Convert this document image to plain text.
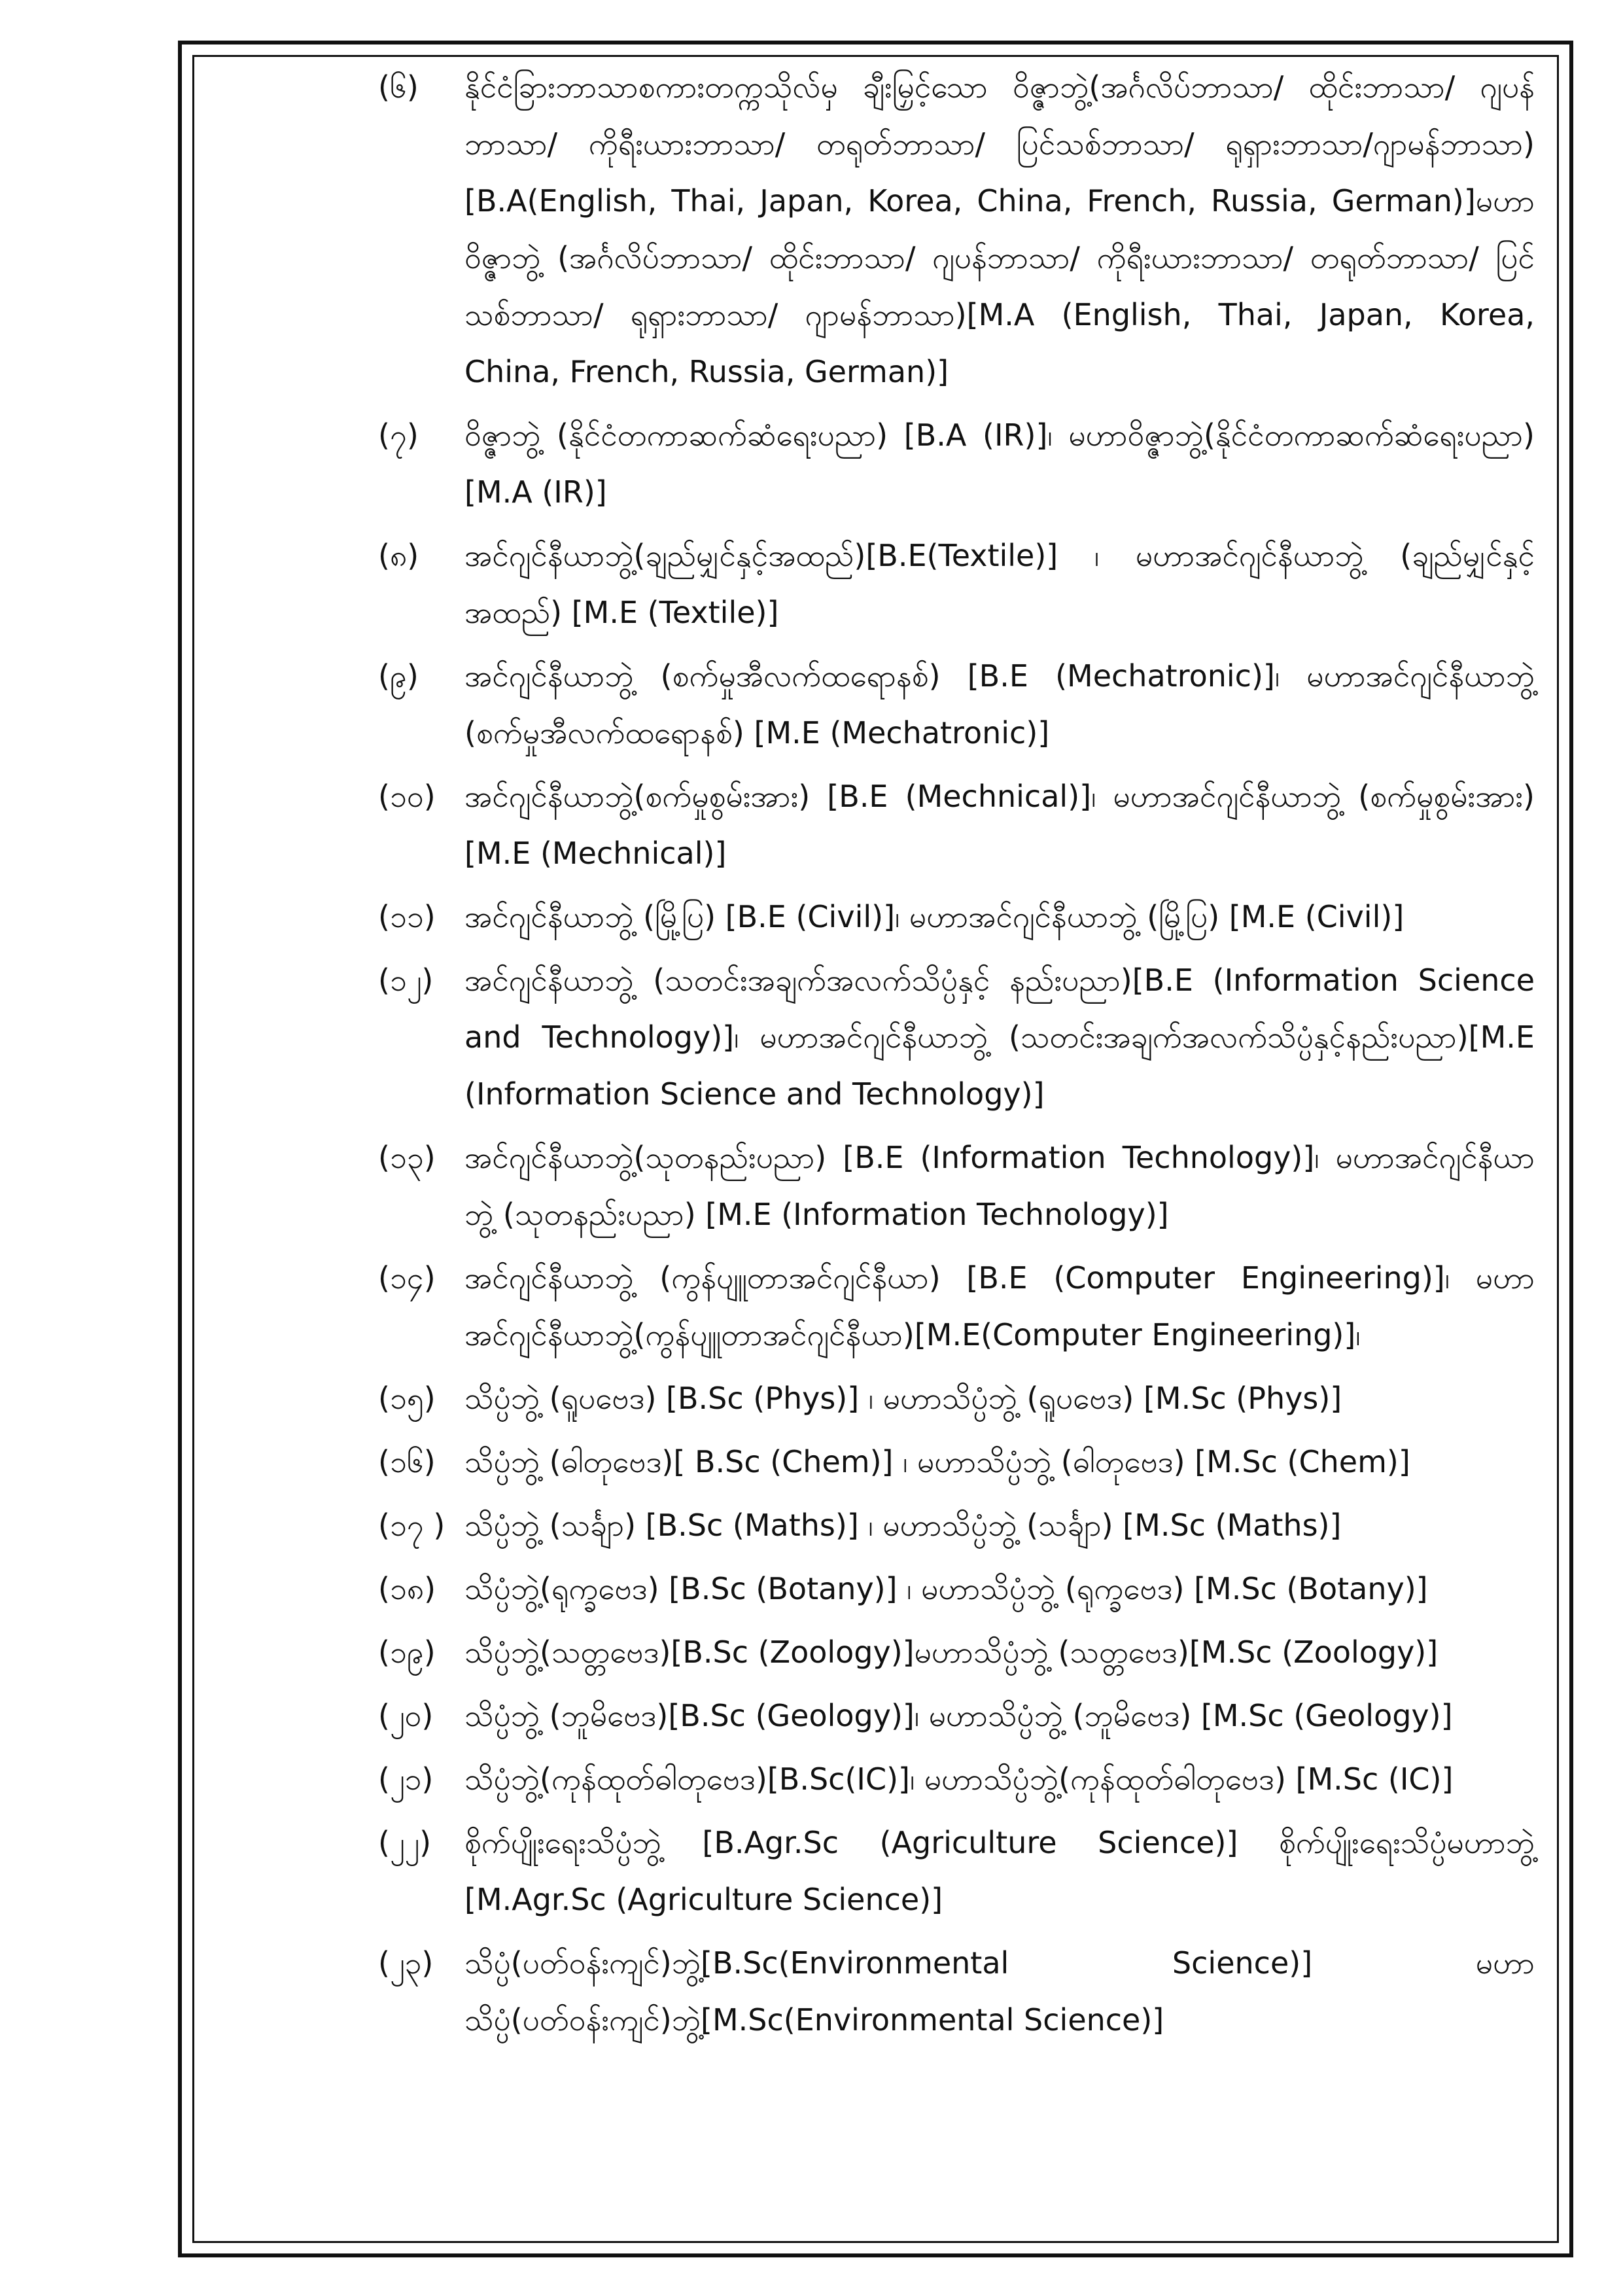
(၆)	နိုင်ငံခြားဘာသာစကားတက္ကသိုလ်မှ ချီးမြှင့်သော ဝိဇ္ဇာဘွဲ့(အင်္ဂလိပ်ဘာသာ/ ထိုင်းဘာသာ/ ဂျပန်ဘာသာ/ ကိုရီးယားဘာသာ/ တရုတ်ဘာသာ/ ပြင်သစ်ဘာသာ/ ရုရှားဘာသာ/ဂျာမန်ဘာသာ) [B.A(English, Thai, Japan, Korea, China, French, Russia, German)]မဟာဝိဇ္ဇာဘွဲ့ (အင်္ဂလိပ်ဘာသာ/ ထိုင်းဘာသာ/ ဂျပန်ဘာသာ/ ကိုရီးယားဘာသာ/ တရုတ်ဘာသာ/ ပြင်သစ်ဘာသာ/ ရုရှားဘာသာ/ ဂျာမန်ဘာသာ)[M.A (English, Thai, Japan, Korea, China, French, Russia, German)]
(၇)	ဝိဇ္ဇာဘွဲ့ (နိုင်ငံတကာဆက်ဆံရေးပညာ) [B.A (IR)]၊ မဟာဝိဇ္ဇာဘွဲ့(နိုင်ငံတကာဆက်ဆံရေးပညာ)[M.A (IR)]
(၈)	အင်ဂျင်နီယာဘွဲ့(ချည်မျှင်နှင့်အထည်)[B.E(Textile)] ၊ မဟာအင်ဂျင်နီယာဘွဲ့ (ချည်မျှင်နှင့် အထည်) [M.E (Textile)]
(၉)	အင်ဂျင်နီယာဘွဲ့ (စက်မှုအီလက်ထရောနစ်) [B.E (Mechatronic)]၊ မဟာအင်ဂျင်နီယာဘွဲ့ (စက်မှုအီလက်ထရောနစ်) [M.E (Mechatronic)]
(၁၀) အင်ဂျင်နီယာဘွဲ့(စက်မှုစွမ်းအား) [B.E (Mechnical)]၊ မဟာအင်ဂျင်နီယာဘွဲ့ (စက်မှုစွမ်းအား) [M.E (Mechnical)]
(၁၁) အင်ဂျင်နီယာဘွဲ့ (မြို့ပြ) [B.E (Civil)]၊ မဟာအင်ဂျင်နီယာဘွဲ့ (မြို့ပြ) [M.E (Civil)]
(၁၂)	အင်ဂျင်နီယာဘွဲ့ (သတင်းအချက်အလက်သိပ္ပံနှင့် နည်းပညာ)[B.E (Information Science and Technology)]၊ မဟာအင်ဂျင်နီယာဘွဲ့ (သတင်းအချက်အလက်သိပ္ပံနှင့်နည်းပညာ)[M.E (Information Science and Technology)]
(၁၃) အင်ဂျင်နီယာဘွဲ့(သုတနည်းပညာ) [B.E (Information Technology)]၊ မဟာအင်ဂျင်နီယာဘွဲ့ (သုတနည်းပညာ) [M.E (Information Technology)]
(၁၄) အင်ဂျင်နီယာဘွဲ့ (ကွန်ပျူတာအင်ဂျင်နီယာ) [B.E (Computer Engineering)]၊ မဟာအင်ဂျင်နီယာဘွဲ့(ကွန်ပျူတာအင်ဂျင်နီယာ)[M.E(Computer Engineering)]၊
(၁၅) သိပ္ပံဘွဲ့ (ရူပဗေဒ) [B.Sc (Phys)] ၊ မဟာသိပ္ပံဘွဲ့ (ရူပဗေဒ) [M.Sc (Phys)]
(၁၆) သိပ္ပံဘွဲ့ (ဓါတုဗေဒ)[ B.Sc (Chem)] ၊ မဟာသိပ္ပံဘွဲ့ (ဓါတုဗေဒ) [M.Sc (Chem)]
(၁၇ ) သိပ္ပံဘွဲ့ (သင်္ချာ) [B.Sc (Maths)] ၊ မဟာသိပ္ပံဘွဲ့ (သင်္ချာ) [M.Sc (Maths)]
(၁၈) သိပ္ပံဘွဲ့(ရုက္ခဗေဒ) [B.Sc (Botany)] ၊ မဟာသိပ္ပံဘွဲ့ (ရုက္ခဗေဒ) [M.Sc (Botany)]
(၁၉) သိပ္ပံဘွဲ့(သတ္တဗေဒ)[B.Sc (Zoology)]မဟာသိပ္ပံဘွဲ့ (သတ္တဗေဒ)[M.Sc (Zoology)]
(၂၀)	သိပ္ပံဘွဲ့ (ဘူမိဗေဒ)[B.Sc (Geology)]၊ မဟာသိပ္ပံဘွဲ့ (ဘူမိဗေဒ) [M.Sc (Geology)]
(၂၁)	သိပ္ပံဘွဲ့(ကုန်ထုတ်ဓါတုဗေဒ)[B.Sc(IC)]၊ မဟာသိပ္ပံဘွဲ့(ကုန်ထုတ်ဓါတုဗေဒ) [M.Sc (IC)]
(၂၂)	စိုက်ပျိုးရေးသိပ္ပံဘွဲ့ [B.Agr.Sc (Agriculture Science)] စိုက်ပျိုးရေးသိပ္ပံမဟာဘွဲ့ [M.Agr.Sc (Agriculture Science)]
(၂၃)	သိပ္ပံ(ပတ်ဝန်းကျင်)ဘွဲ့[B.Sc(Environmental Science)] မဟာသိပ္ပံ(ပတ်ဝန်းကျင်)ဘွဲ့[M.Sc(Environmental Science)]
